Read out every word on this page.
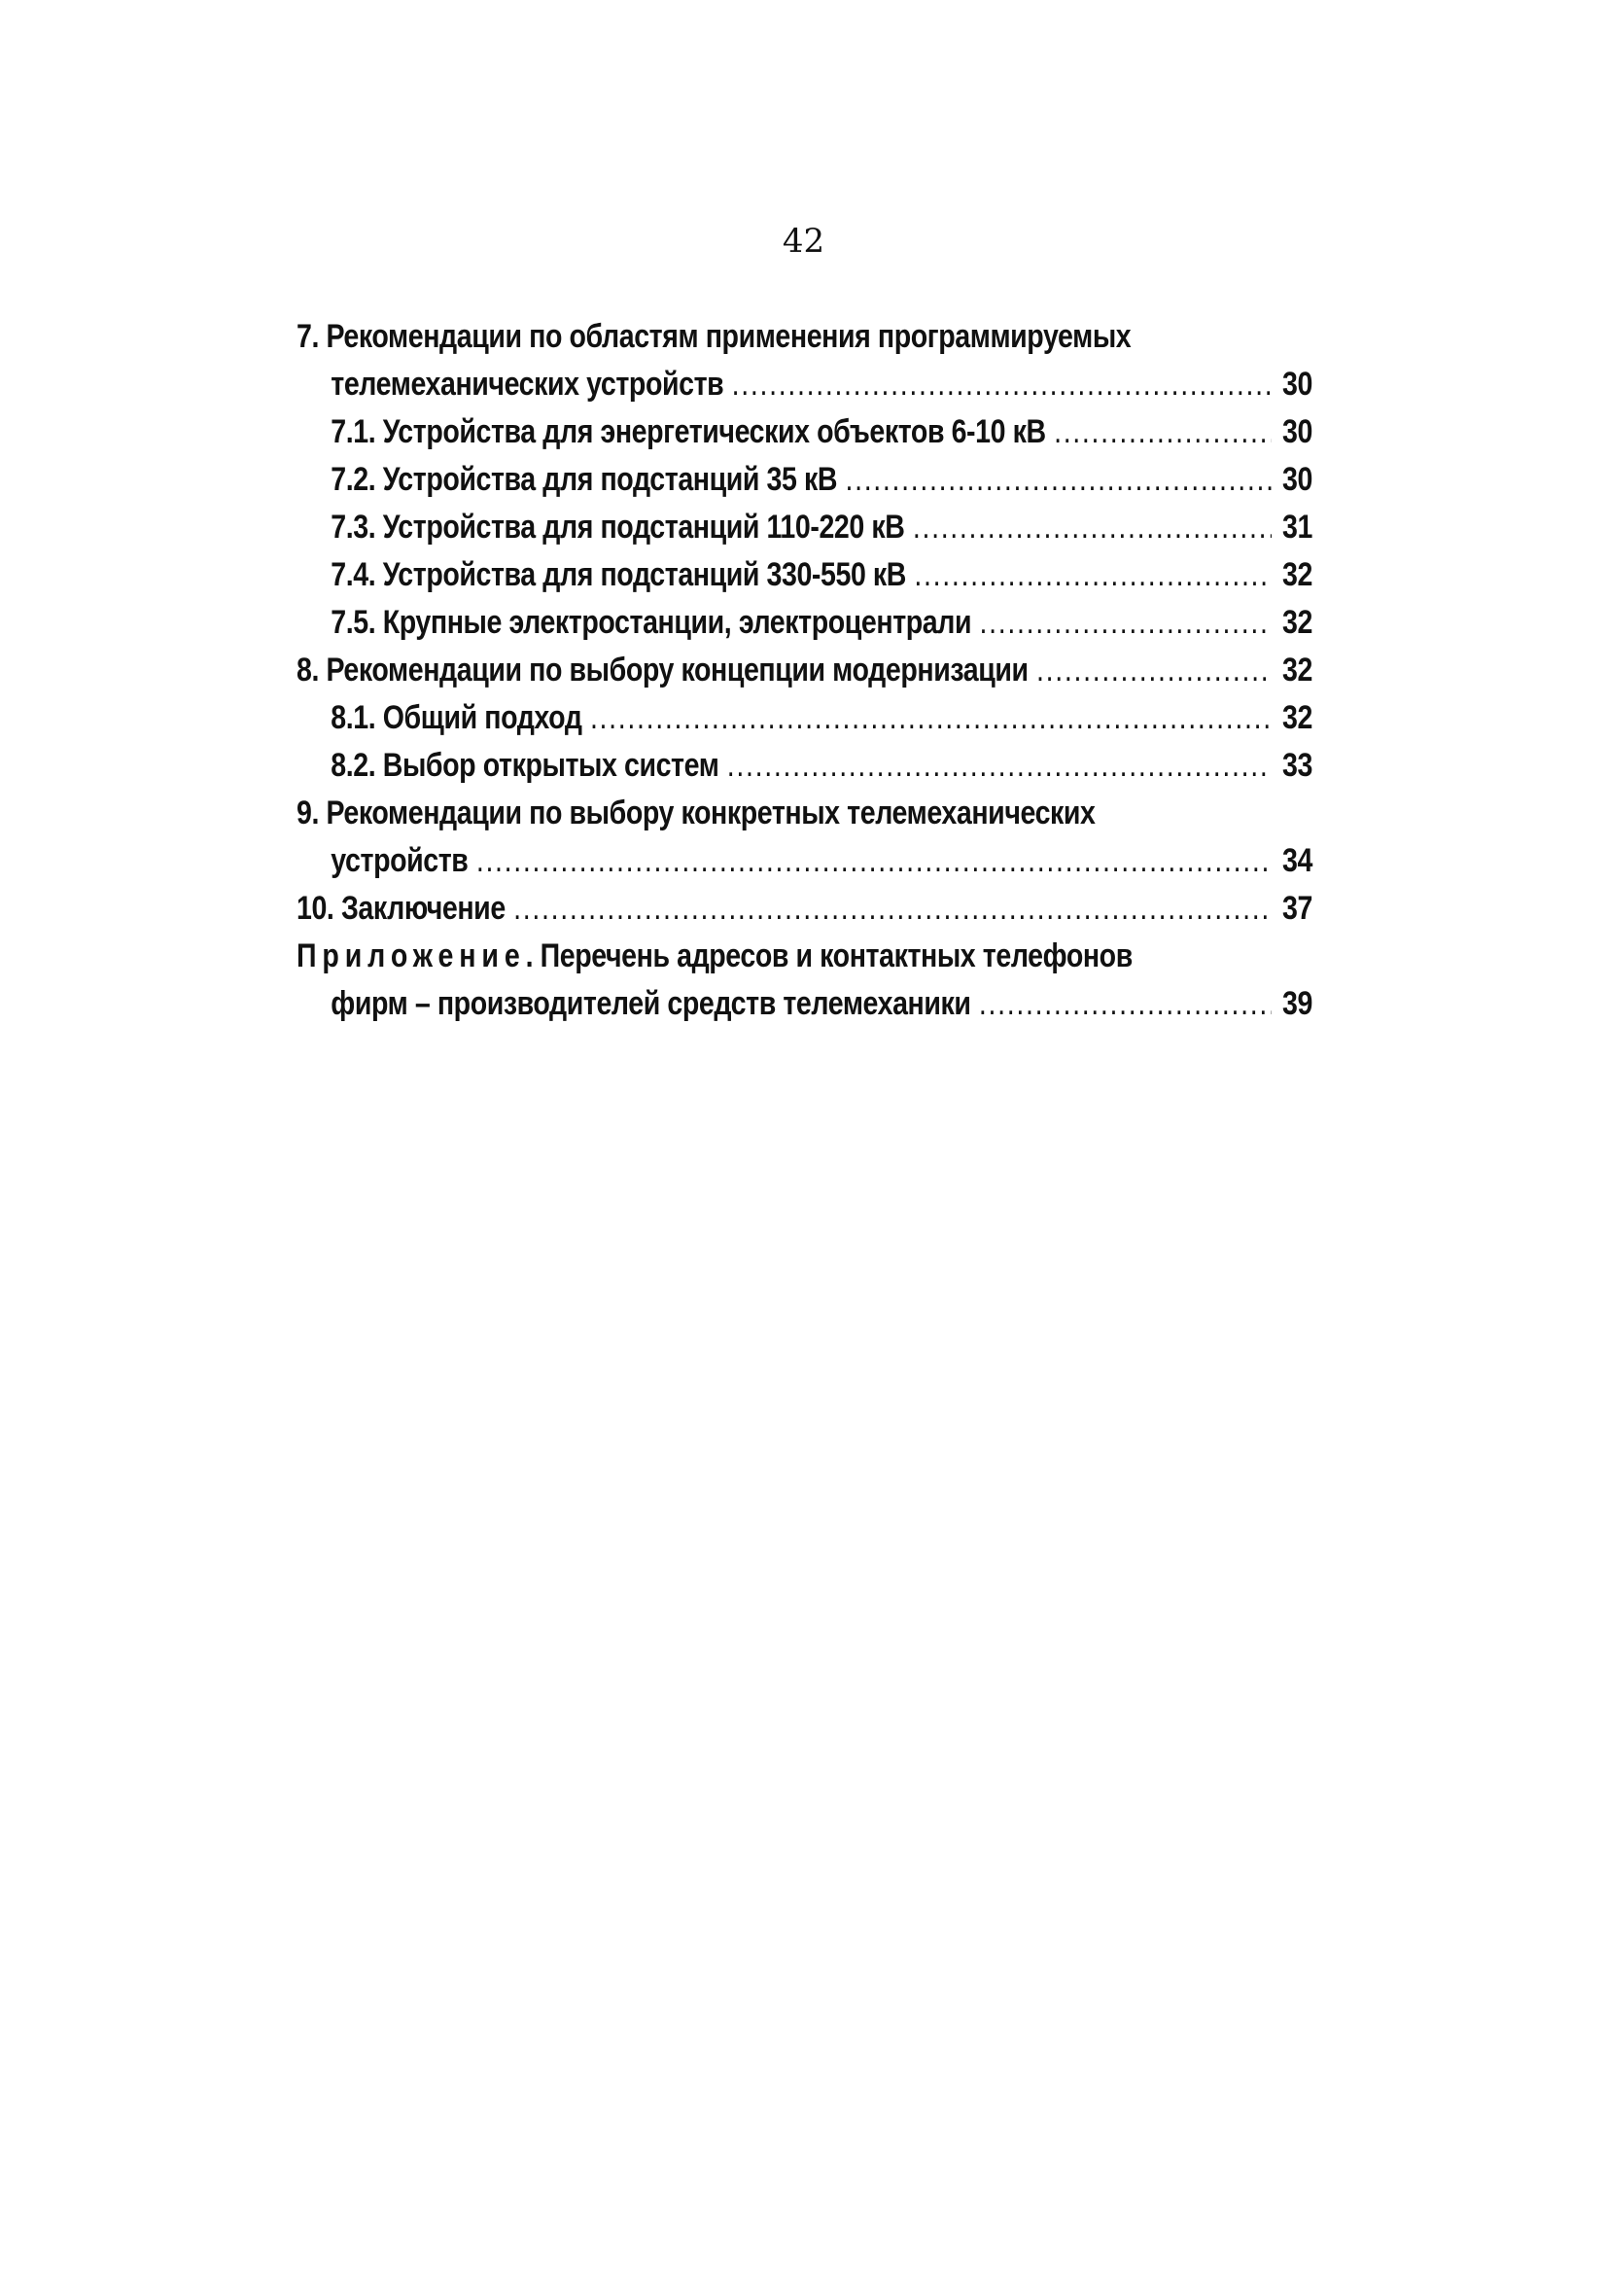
42
7. Рекомендации по областям применения программируемых
телемеханических устройств .....	30
7.1. Устройства для энергетических объектов 6-10 кВ .....	30
7.2. Устройства для подстанций 35 кВ .....	30
7.3. Устройства для подстанций 110-220 кВ .....	31
7.4. Устройства для подстанций 330-550 кВ .....	32
7.5. Крупные электростанции, электроцентрали .....	32
8. Рекомендации по выбору концепции модернизации .....	32
8.1. Общий подход .....	32
8.2. Выбор открытых систем .....	33
9. Рекомендации по выбору конкретных телемеханических
устройств .....	34
10. Заключение .....	37
Приложение. Перечень адресов и контактных телефонов
фирм – производителей средств телемеханики .....	39
